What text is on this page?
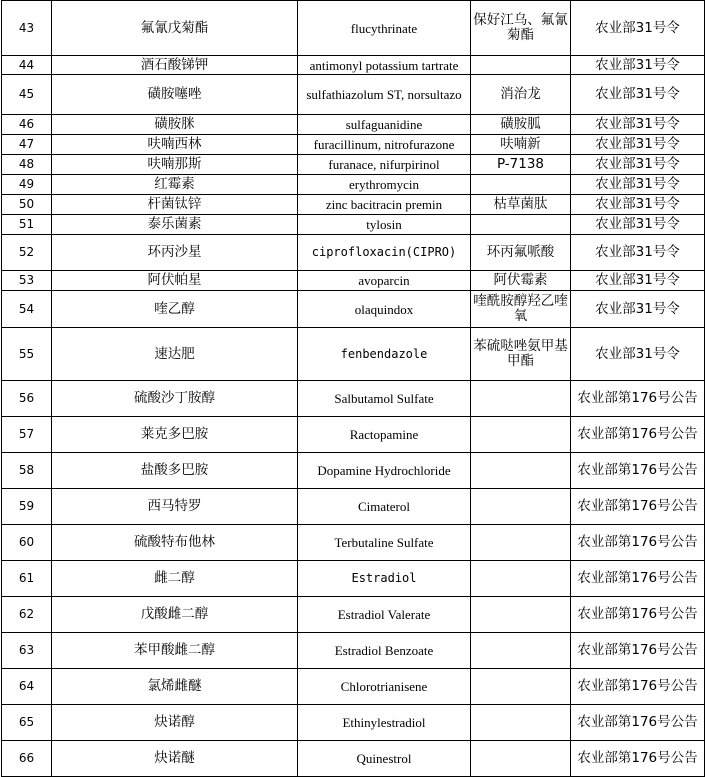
43	氟氰戊菊酯	flucythrinate	保好江乌、氟氰菊酯	农业部31号令
44	酒石酸锑钾	antimonyl potassium tartrate		农业部31号令
45	磺胺噻唑	sulfathiazolum ST, norsultazo	消治龙	农业部31号令
46	磺胺脒	sulfaguanidine	磺胺胍	农业部31号令
47	呋喃西林	furacillinum, nitrofurazone	呋喃新	农业部31号令
48	呋喃那斯	furanace, nifurpirinol	P-7138	农业部31号令
49	红霉素	erythromycin		农业部31号令
50	杆菌钛锌	zinc bacitracin premin	枯草菌肽	农业部31号令
51	泰乐菌素	tylosin		农业部31号令
52	环丙沙星	ciprofloxacin(CIPRO)	环丙氟哌酸	农业部31号令
53	阿伏帕星	avoparcin	阿伏霉素	农业部31号令
54	喹乙醇	olaquindox	喹酰胺醇羟乙喹氧	农业部31号令
55	速达肥	fenbendazole	苯硫哒唑氨甲基甲酯	农业部31号令
56	硫酸沙丁胺醇	Salbutamol Sulfate		农业部第176号公告
57	莱克多巴胺	Ractopamine		农业部第176号公告
58	盐酸多巴胺	Dopamine Hydrochloride		农业部第176号公告
59	西马特罗	Cimaterol		农业部第176号公告
60	硫酸特布他林	Terbutaline Sulfate		农业部第176号公告
61	雌二醇	Estradiol		农业部第176号公告
62	戊酸雌二醇	Estradiol Valerate		农业部第176号公告
63	苯甲酸雌二醇	Estradiol Benzoate		农业部第176号公告
64	氯烯雌醚	Chlorotrianisene		农业部第176号公告
65	炔诺醇	Ethinylestradiol		农业部第176号公告
66	炔诺醚	Quinestrol		农业部第176号公告
